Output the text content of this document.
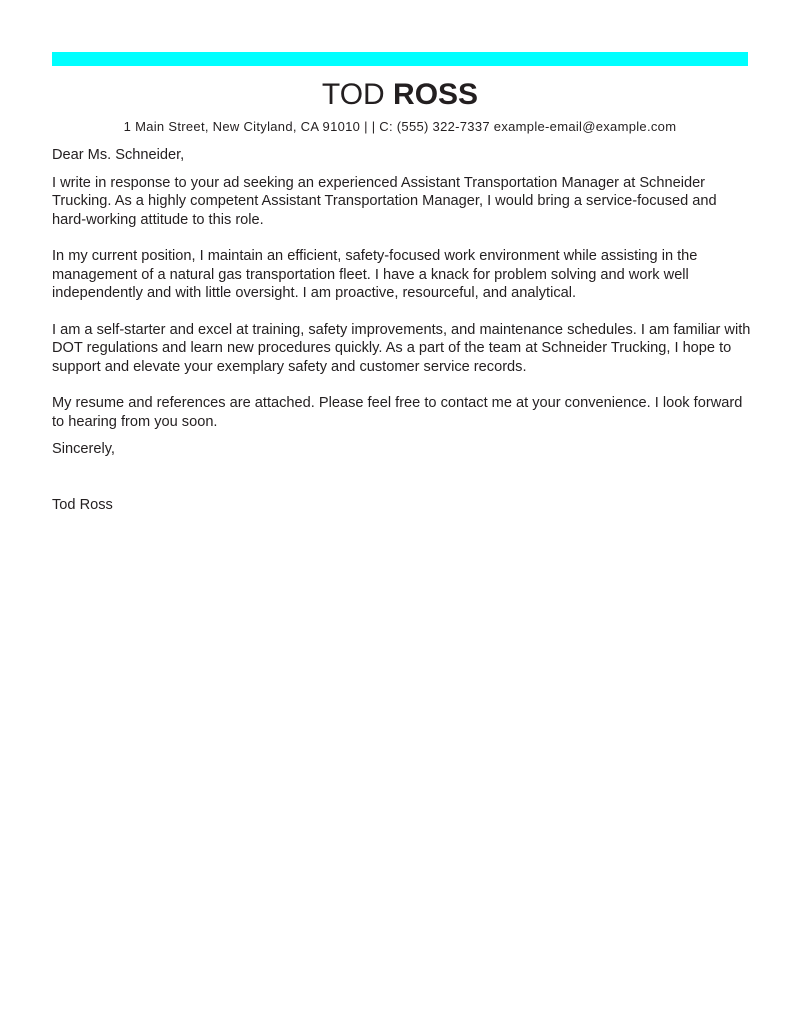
TOD ROSS
1 Main Street, New Cityland, CA 91010 | | C: (555) 322-7337 example-email@example.com

Dear Ms. Schneider,

I write in response to your ad seeking an experienced Assistant Transportation Manager at Schneider Trucking. As a highly competent Assistant Transportation Manager, I would bring a service-focused and hard-working attitude to this role.

In my current position, I maintain an efficient, safety-focused work environment while assisting in the management of a natural gas transportation fleet. I have a knack for problem solving and work well independently and with little oversight. I am proactive, resourceful, and analytical.

I am a self-starter and excel at training, safety improvements, and maintenance schedules. I am familiar with DOT regulations and learn new procedures quickly. As a part of the team at Schneider Trucking, I hope to support and elevate your exemplary safety and customer service records.

My resume and references are attached. Please feel free to contact me at your convenience. I look forward to hearing from you soon.

Sincerely,

Tod Ross
